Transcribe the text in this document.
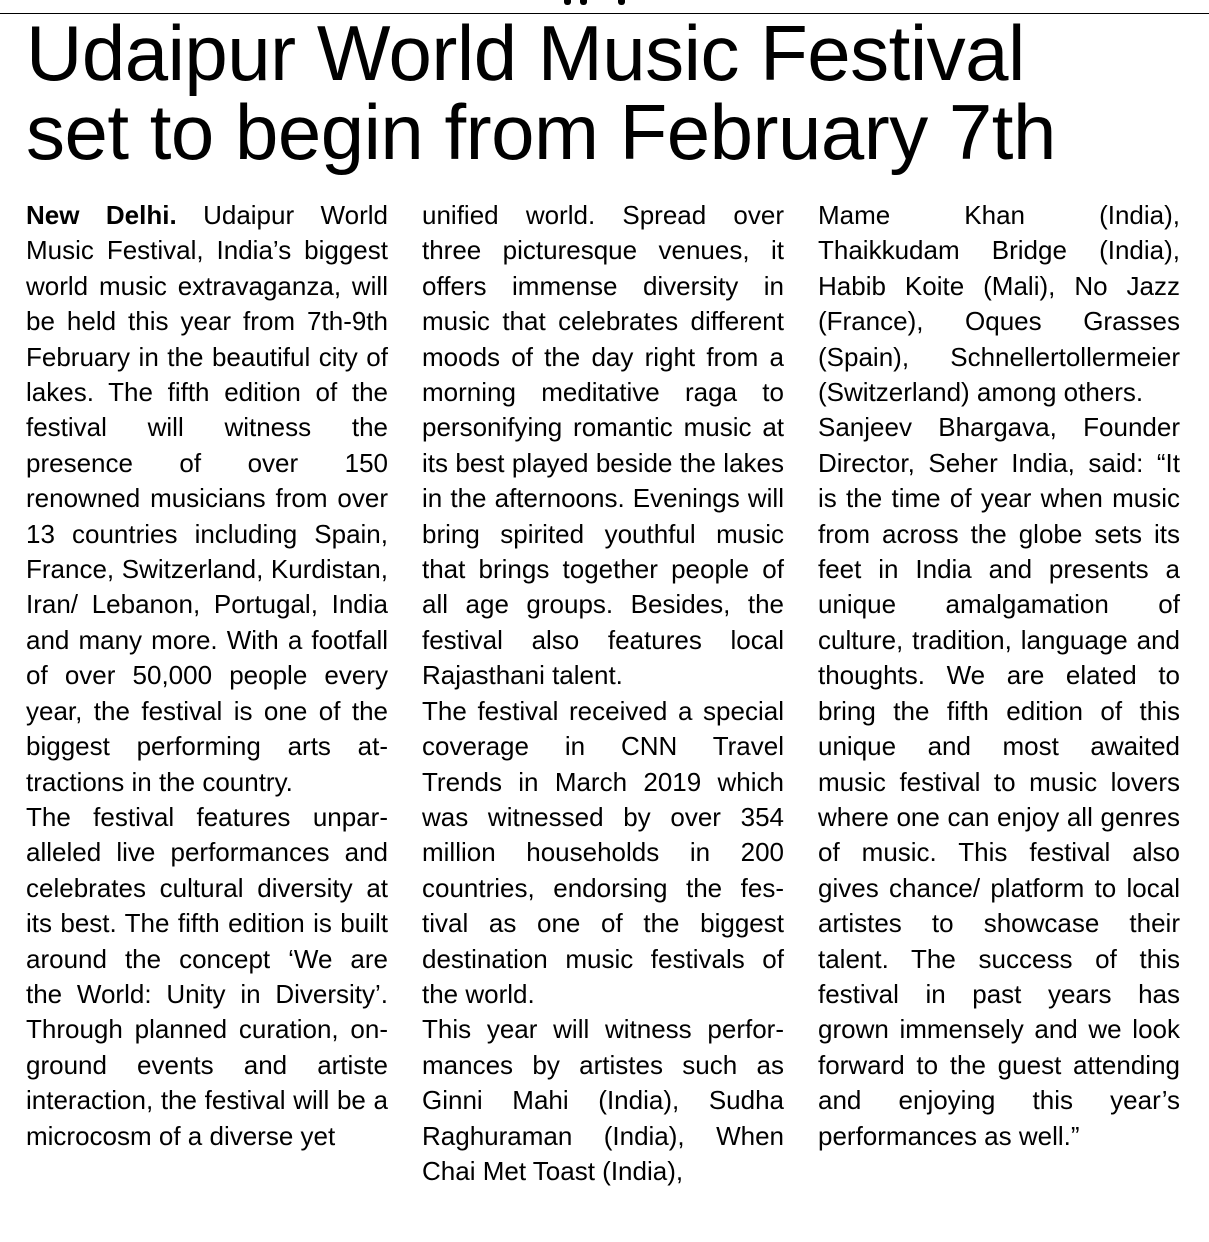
Udaipur World Music Festival
set to begin from February 7th

New Delhi. Udaipur World Music Festival, India’s biggest world music extravaganza, will be held this year from 7th-9th February in the beautiful city of lakes. The fifth edition of the festival will witness the presence of over 150 renowned musicians from over 13 countries including Spain, France, Switzerland, Kurdistan, Iran/ Lebanon, Portugal, India and many more. With a footfall of over 50,000 people every year, the festival is one of the biggest performing arts attractions in the country.

The festival features unparalleled live performances and celebrates cultural diversity at its best. The fifth edition is built around the concept ‘We are the World: Unity in Diversity’. Through planned curation, on-ground events and artiste interaction, the festival will be a microcosm of a diverse yet

unified world. Spread over three picturesque venues, it offers immense diversity in music that celebrates different moods of the day right from a morning meditative raga to personifying romantic music at its best played beside the lakes in the afternoons. Evenings will bring spirited youthful music that brings together people of all age groups. Besides, the festival also features local Rajasthani talent.

The festival received a special coverage in CNN Travel Trends in March 2019 which was witnessed by over 354 million households in 200 countries, endorsing the festival as one of the biggest destination music festivals of the world.

This year will witness performances by artistes such as Ginni Mahi (India), Sudha Raghuraman (India), When Chai Met Toast (India),

Mame Khan (India), Thaikkudam Bridge (India), Habib Koite (Mali), No Jazz (France), Oques Grasses (Spain), Schnellertollermeier (Switzerland) among others.

Sanjeev Bhargava, Founder Director, Seher India, said: “It is the time of year when music from across the globe sets its feet in India and presents a unique amalgamation of culture, tradition, language and thoughts. We are elated to bring the fifth edition of this unique and most awaited music festival to music lovers where one can enjoy all genres of music. This festival also gives chance/ platform to local artistes to showcase their talent. The success of this festival in past years has grown immensely and we look forward to the guest attending and enjoying this year’s performances as well.”
